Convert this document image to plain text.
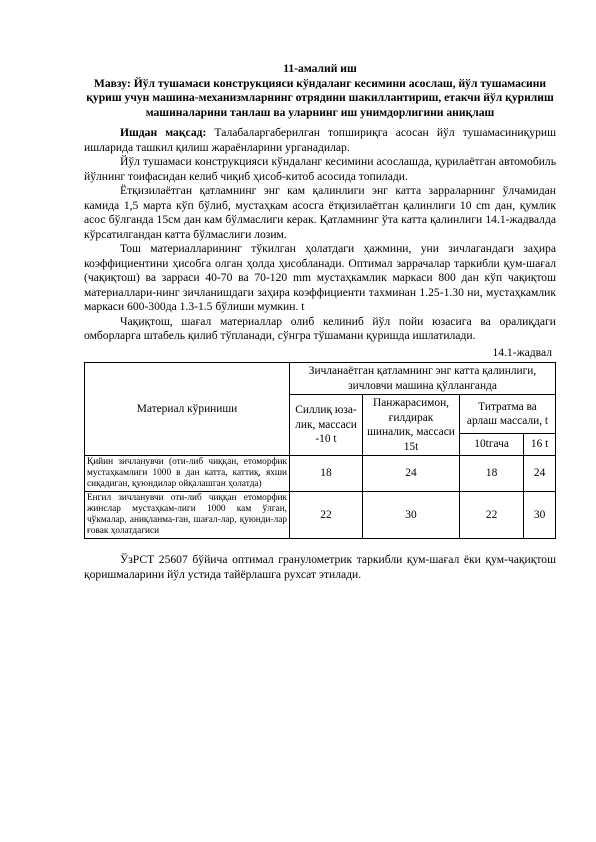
11-амалий иш

Мавзу: Йўл тушамаси конструкцияси кўндаланг кесимини асослаш, йўл тушамасини қуриш учун машина-механизмларнинг отрядини шакиллантириш, етакчи йўл қурилиш машиналарини танлаш ва уларнинг иш унимдорлигини аниқлаш

Ишдан мақсад: Талабаларгаберилган топшириқга асосан йўл тушамасиниқуриш ишларида ташкил қилиш жараёнларини урганадилар.

Йўл тушамаси конструкцияси кўндаланг кесимини асослашда, қурилаётган автомобиль йўлнинг тоифасидан келиб чиқиб ҳисоб-китоб асосида топилади.

Ётқизилаётган қатламнинг энг кам қалинлиги энг катта зарраларнинг ўлчамидан камида 1,5 марта кўп бўлиб, мустаҳкам асосга ётқизилаётган қалинлиги 10 cm дан, қумлик асос бўлганда 15см дан кам бўлмаслиги керак. Қатламнинг ўта катта қалинлиги 14.1-жадвалда кўрсатилгандан катта бўлмаслиги лозим.

Тош материалларининг тўкилган ҳолатдаги ҳажмини, уни зичлагандаги заҳира коэффициентини ҳисобга олган ҳолда ҳисобланади. Оптимал заррачалар таркибли қум-шағал (чақиқтош) ва зарраси 40-70 ва 70-120 mm мустаҳкамлик маркаси 800 дан кўп чақиқтош материаллари-нинг зичланишдаги заҳира коэффициенти тахминан 1.25-1.30 ни, мустаҳкамлик маркаси 600-300да 1.3-1.5 бўлиши мумкин. t

Чақиқтош, шағал материаллар олиб келиниб йўл пойи юзасига ва оралиқдаги омборларга штабель қилиб тўпланади, сўнгра тўшамани қуришда ишлатилади.

14.1-жадвал

Материал кўриниши	Зичланаётган қатламнинг энг катта қалинлиги, зичловчи машина қўлланганда			
	Силлиқ юза-лик, массаси -10 t	Панжарасимон, ғилдирак шиналик, массаси 15t	Титратма ва арлаш массали, t	
			10tгача	16 t
Қийин зичланувчи (оти-либ чиққан, етоморфик мустаҳкамлиги 1000 в дан катта, каттиқ, яхши сиқадиган, қуюндилар ойқалашган ҳолатда)	18	24	18	24
Енгил зичланувчи оти-либ чиққан етоморфик жинслар мустаҳкам-лиги 1000 кам ўлган, чўкмалар, аниқланма-ган, шағал-лар, қуюнди-лар ғовак ҳолатдагиси	22	30	22	30

ЎзРСТ 25607 бўйича оптимал гранулометрик таркибли қум-шағал ёки қум-чақиқтош қоришмаларини йўл устида тайёрлашга рухсат этилади.
